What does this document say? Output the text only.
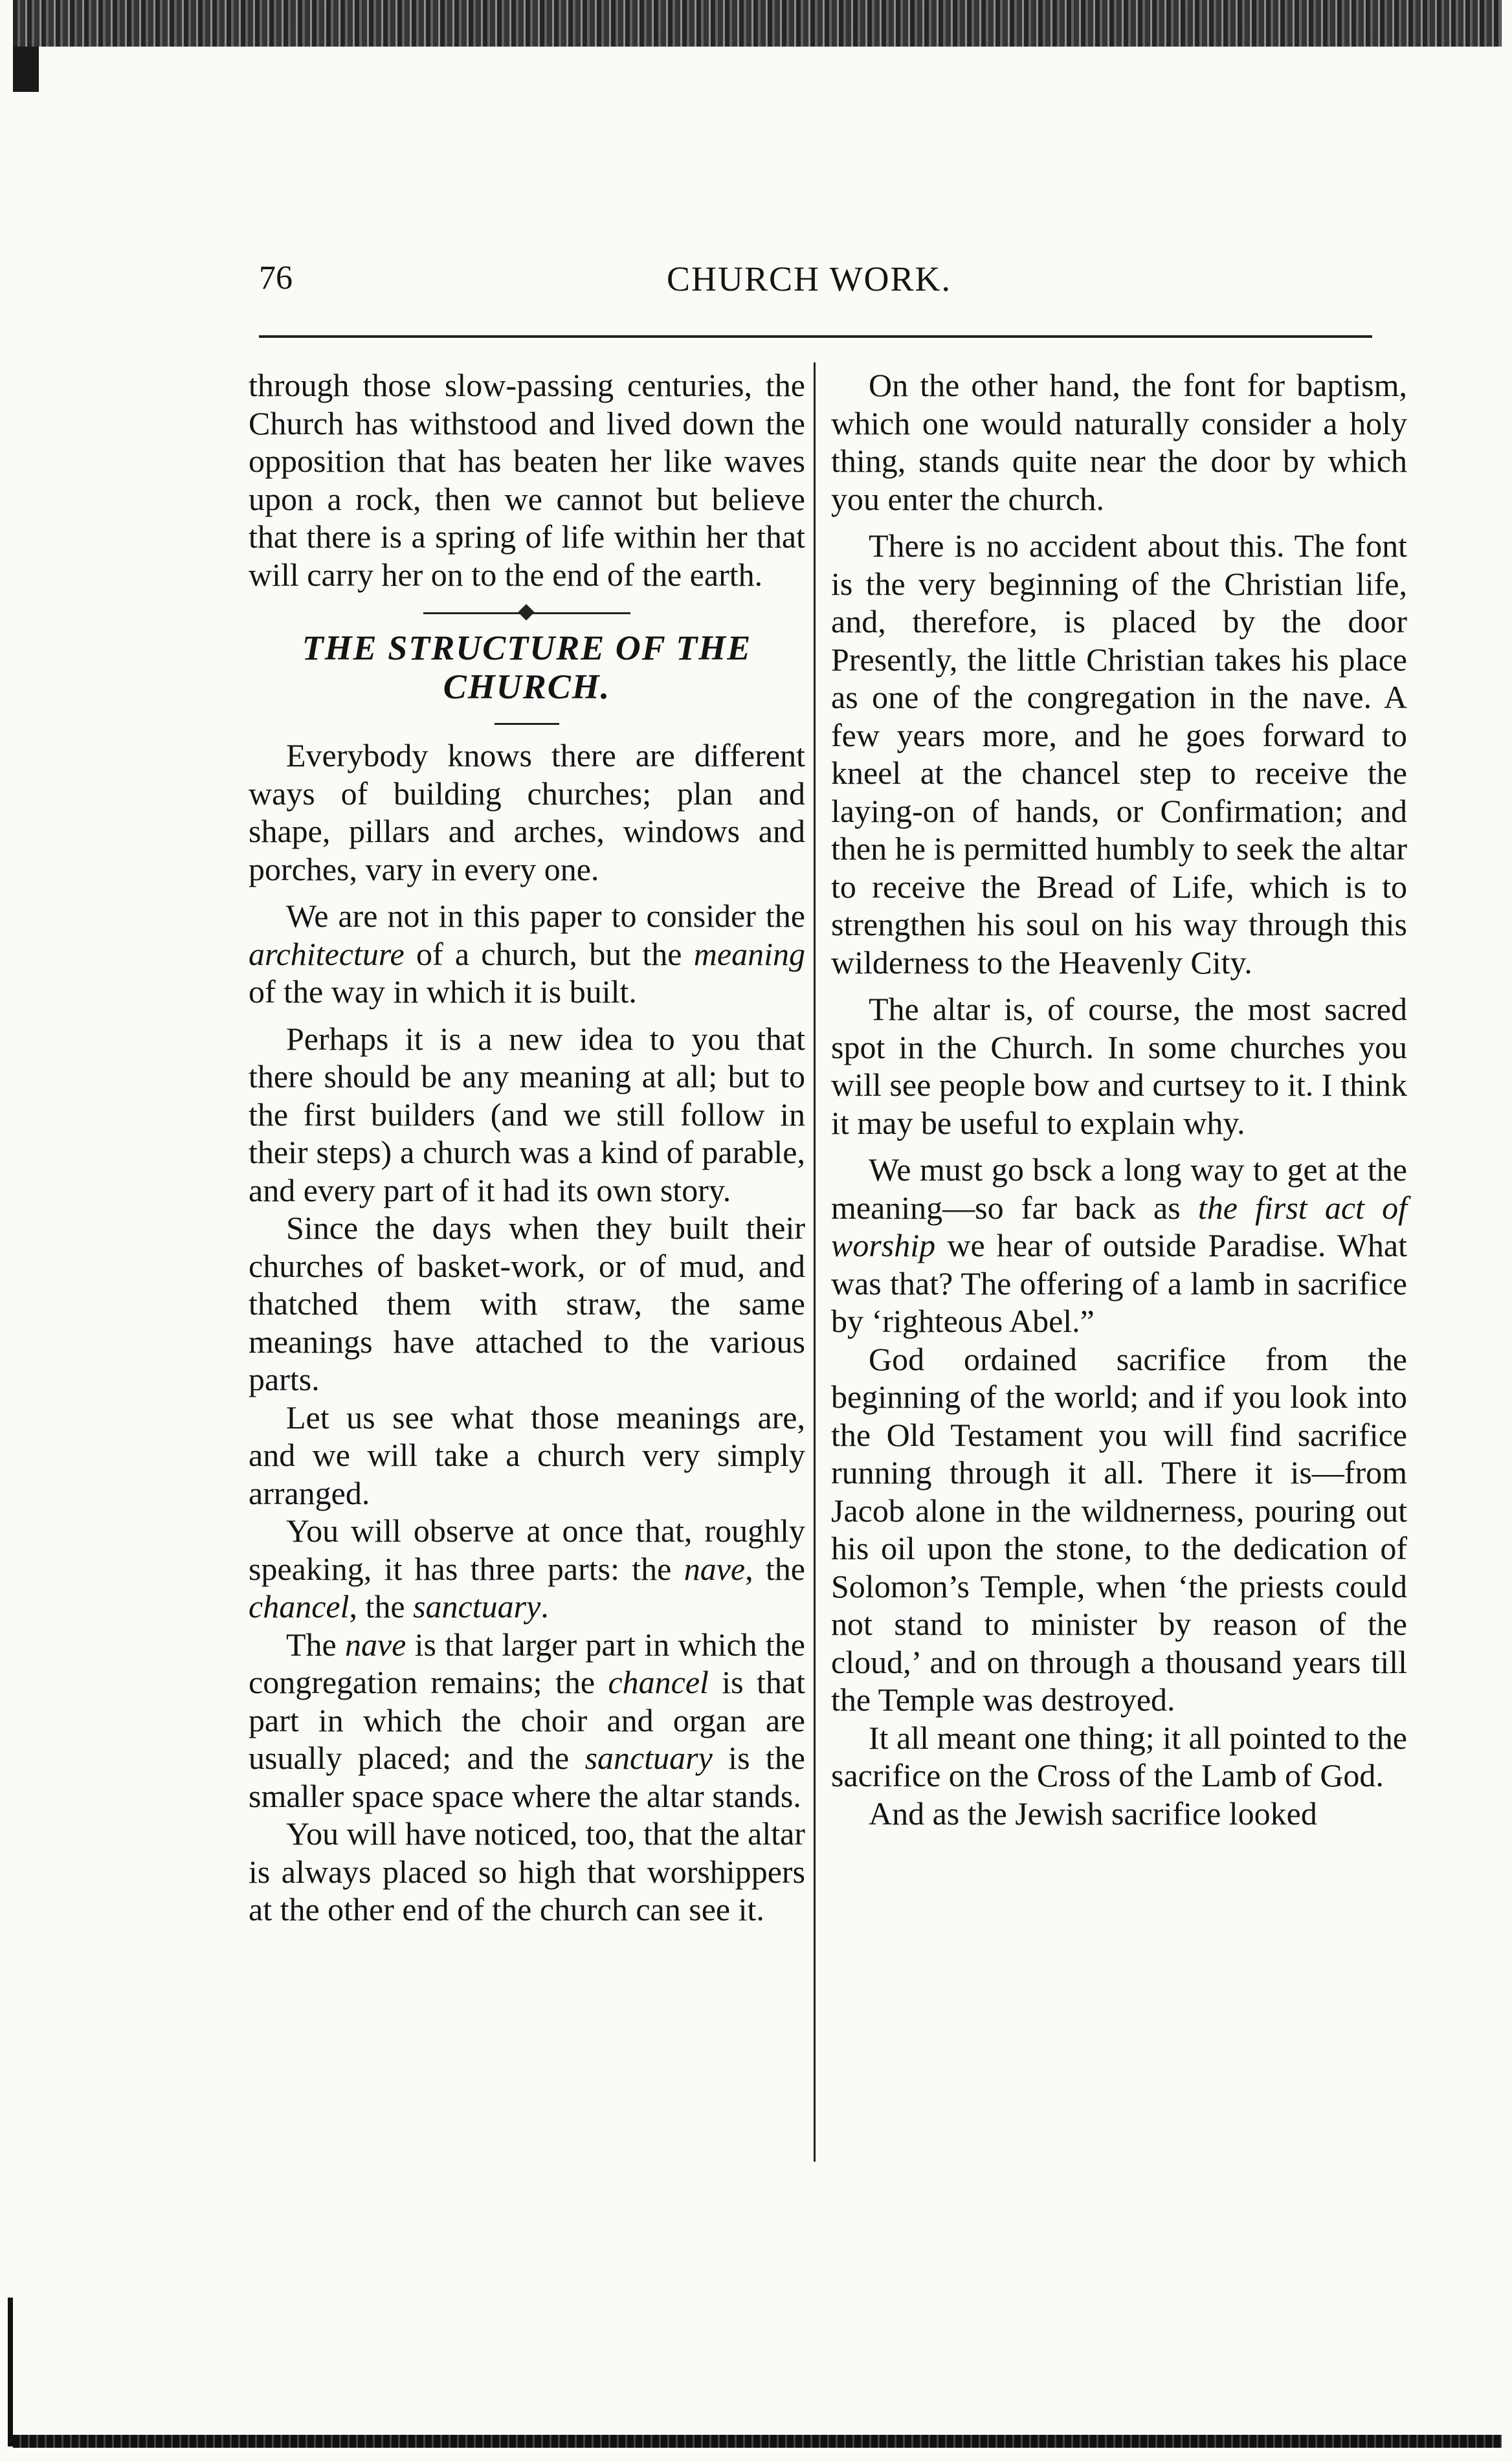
76	CHURCH WORK.

through those slow-passing centuries, the Church has withstood and lived down the opposition that has beaten her like waves upon a rock, then we cannot but believe that there is a spring of life within her that will carry her on to the end of the earth.

THE STRUCTURE OF THE CHURCH.

Everybody knows there are different ways of building churches; plan and shape, pillars and arches, windows and porches, vary in every one.

We are not in this paper to consider the architecture of a church, but the meaning of the way in which it is built.

Perhaps it is a new idea to you that there should be any meaning at all; but to the first builders (and we still follow in their steps) a church was a kind of parable, and every part of it had its own story.

Since the days when they built their churches of basket-work, or of mud, and thatched them with straw, the same meanings have attached to the various parts.

Let us see what those meanings are, and we will take a church very simply arranged.

You will observe at once that, roughly speaking, it has three parts: the nave, the chancel, the sanctuary.

The nave is that larger part in which the congregation remains; the chancel is that part in which the choir and organ are usually placed; and the sanctuary is the smaller space space where the altar stands.

You will have noticed, too, that the altar is always placed so high that worshippers at the other end of the church can see it.

On the other hand, the font for baptism, which one would naturally consider a holy thing, stands quite near the door by which you enter the church.

There is no accident about this. The font is the very beginning of the Christian life, and, therefore, is placed by the door Presently, the little Christian takes his place as one of the congregation in the nave. A few years more, and he goes forward to kneel at the chancel step to receive the laying-on of hands, or Confirmation; and then he is permitted humbly to seek the altar to receive the Bread of Life, which is to strengthen his soul on his way through this wilderness to the Heavenly City.

The altar is, of course, the most sacred spot in the Church. In some churches you will see people bow and curtsey to it. I think it may be useful to explain why.

We must go bsck a long way to get at the meaning—so far back as the first act of worship we hear of outside Paradise. What was that? The offering of a lamb in sacrifice by ‘righteous Abel.”

God ordained sacrifice from the beginning of the world; and if you look into the Old Testament you will find sacrifice running through it all. There it is—from Jacob alone in the wildnerness, pouring out his oil upon the stone, to the dedication of Solomon’s Temple, when ‘the priests could not stand to minister by reason of the cloud,’ and on through a thousand years till the Temple was destroyed.

It all meant one thing; it all pointed to the sacrifice on the Cross of the Lamb of God.

And as the Jewish sacrifice looked
